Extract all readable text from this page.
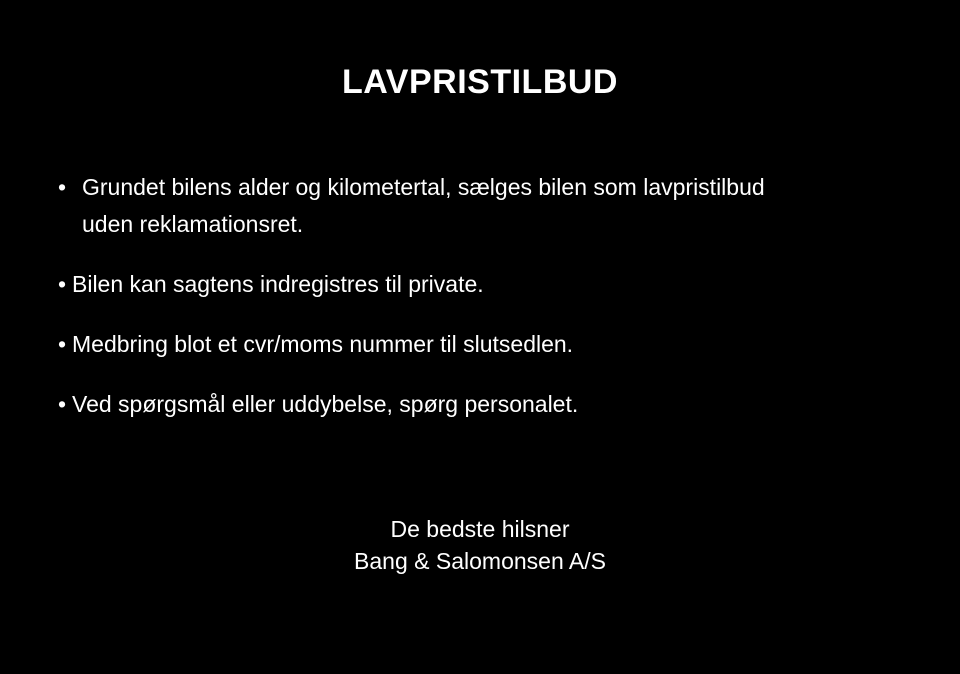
LAVPRISTILBUD
• Grundet bilens alder og kilometertal, sælges bilen som lavpristilbud
uden reklamationsret.
• Bilen kan sagtens indregistres til private.
• Medbring blot et cvr/moms nummer til slutsedlen.
• Ved spørgsmål eller uddybelse, spørg personalet.
De bedste hilsner
Bang & Salomonsen A/S
